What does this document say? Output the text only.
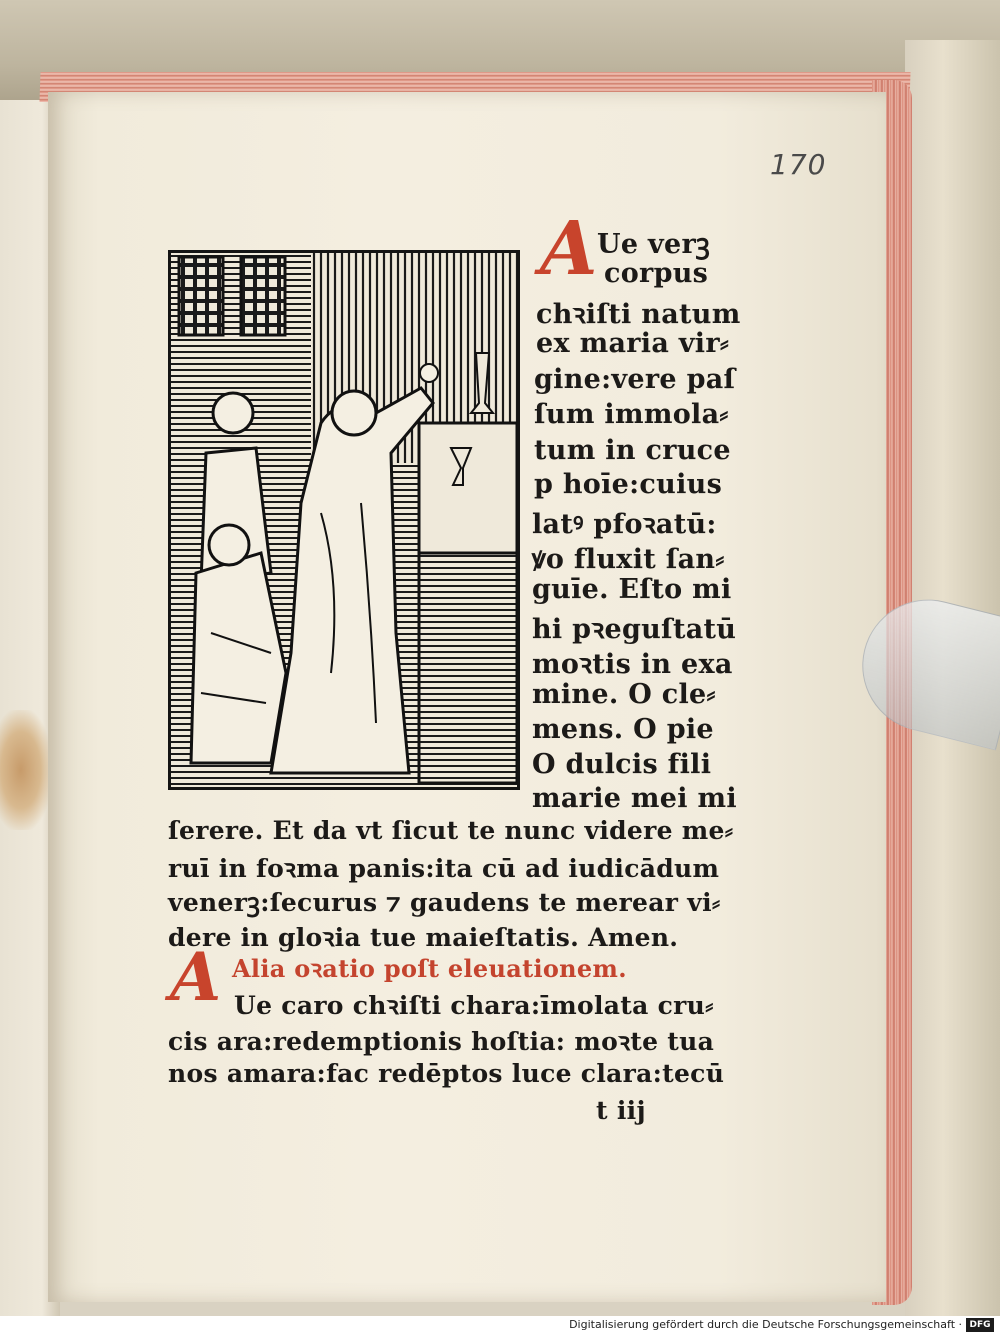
170
A Ue verꝫ
corpus
chꝛiſti natum
ex maria vir⸗
gine:vere paſ
ſum immola⸗
tum in cruce
p hoīe:cuius
latꝰ pfoꝛatū:
ꝟo fluxit ſan⸗
guīe. Eſto mi
hi pꝛeguſtatū
moꝛtis in exa
mine. O cle⸗
mens. O pie
O dulcis fili
marie mei mi
ſerere. Et da vt ſicut te nunc videre me⸗
ruī in foꝛma panis:ita cū ad iudicādum
venerꝫ:ſecurus ⁊ gaudens te merear vi⸗
dere in gloꝛia tue maieſtatis. Amen.
A Alia oꝛatio poſt eleuationem.
Ue caro chꝛiſti chara:īmolata cru⸗
cis ara:redemptionis hoſtia: moꝛte tua
nos amara:fac redēptos luce clara:tecū
t iij
Digitalisierung gefördert durch die Deutsche Forschungsgemeinschaft · DFG
